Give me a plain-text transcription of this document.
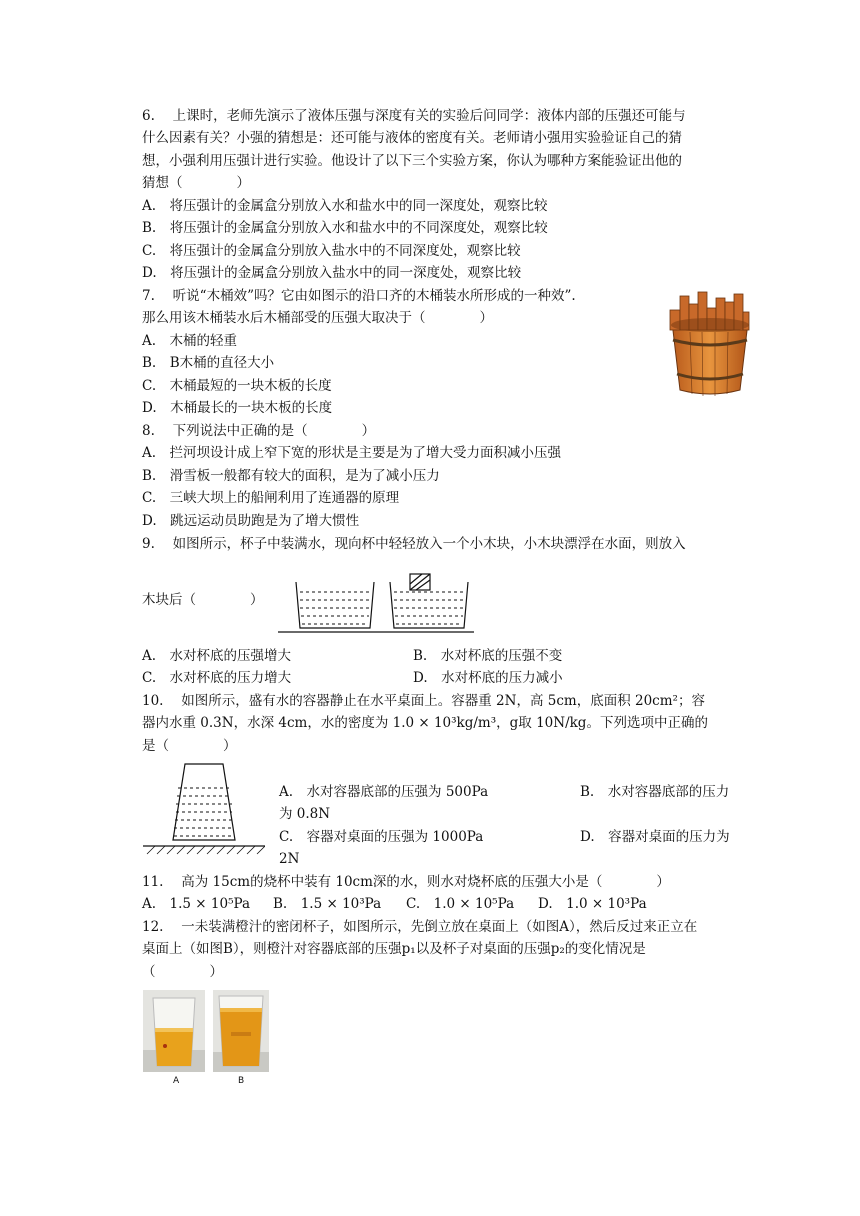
6.　 上课时，老师先演示了液体压强与深度有关的实验后问同学：液体内部的压强还可能与
什么因素有关？小强的猜想是：还可能与液体的密度有关。老师请小强用实验验证自己的猜
想，小强利用压强计进行实验。他设计了以下三个实验方案，你认为哪种方案能验证出他的
猜想（　　　　）
A.　将压强计的金属盒分别放入水和盐水中的同一深度处，观察比较
B.　将压强计的金属盒分别放入水和盐水中的不同深度处，观察比较
C.　将压强计的金属盒分别放入盐水中的不同深度处，观察比较
D.　将压强计的金属盒分别放入盐水中的同一深度处，观察比较
7.　 听说“木桶效”吗？它由如图示的沿口齐的木桶装水所形成的一种效”.
那么用该木桶装水后木桶部受的压强大取决于（　　　　）
A.　木桶的轻重
B.　B木桶的直径大小
C.　木桶最短的一块木板的长度
D.　木桶最长的一块木板的长度
8.　 下列说法中正确的是（　　　　）
A.　拦河坝设计成上窄下宽的形状是主要是为了增大受力面积减小压强
B.　滑雪板一般都有较大的面积，是为了减小压力
C.　三峡大坝上的船闸利用了连通器的原理
D.　跳远运动员助跑是为了增大惯性
9.　 如图所示，杯子中装满水，现向杯中轻轻放入一个小木块，小木块漂浮在水面，则放入
木块后（　　　　）
A.　水对杯底的压强增大	B.　水对杯底的压强不变
C.　水对杯底的压力增大	D.　水对杯底的压力减小
10.　 如图所示，盛有水的容器静止在水平桌面上。容器重 2N，高 5cm，底面积 20cm²；容
器内水重 0.3N，水深 4cm，水的密度为 1.0 × 10³kg/m³，g取 10N/kg。下列选项中正确的
是（　　　　）
A.　水对容器底部的压强为 500Pa	B.　水对容器底部的压力
为 0.8N
C.　容器对桌面的压强为 1000Pa	D.　容器对桌面的压力为
2N
11.　 高为 15cm的烧杯中装有 10cm深的水，则水对烧杯底的压强大小是（　　　　）
A.　1.5 × 10⁵Pa B.　1.5 × 10³Pa C.　1.0 × 10⁵Pa D.　1.0 × 10³Pa
12.　 一未装满橙汁的密闭杯子，如图所示，先倒立放在桌面上（如图A），然后反过来正立在
桌面上（如图B），则橙汁对容器底部的压强p₁以及杯子对桌面的压强p₂的变化情况是
（　　　　）
A	B
